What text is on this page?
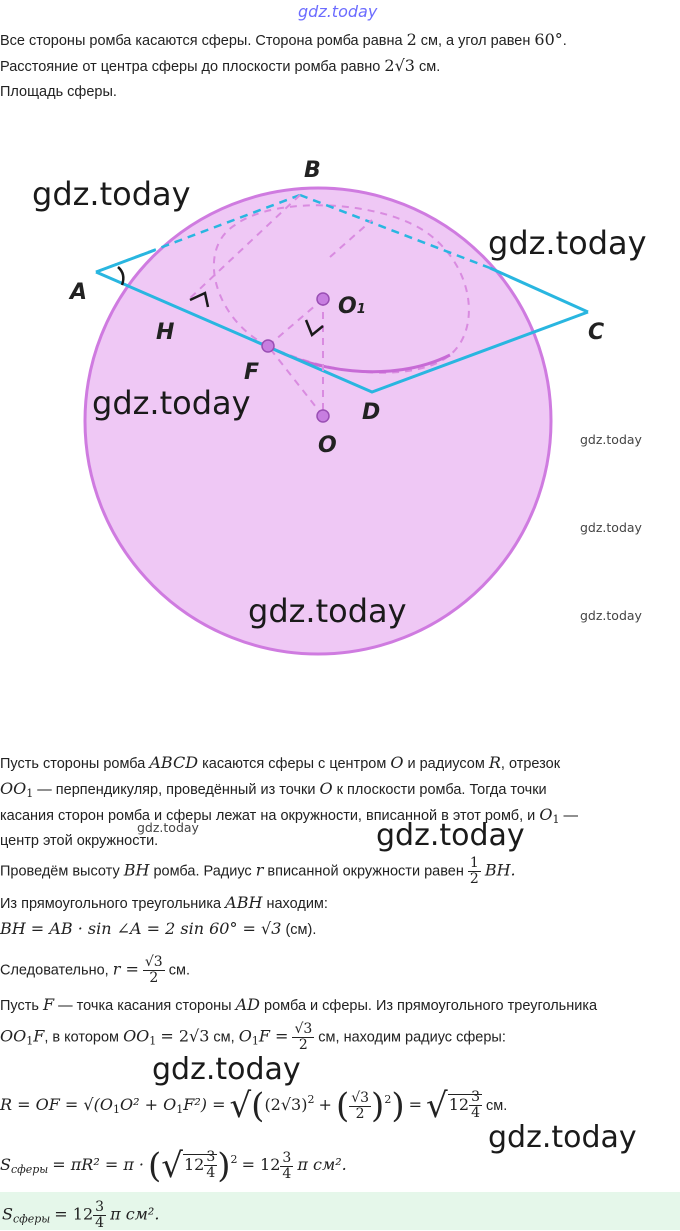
gdz.today
Все стороны ромба касаются сферы. Сторона ромба равна 2 см, а угол равен 60°.
Расстояние от центра сферы до плоскости ромба равно 2√3 см.
Площадь сферы.
A
B
C
D
H
F
O
O1
gdz.today
gdz.today
gdz.today
gdz.today
gdz.today
gdz.today
gdz.today
Пусть стороны ромба ABCD касаются сферы с центром O и радиусом R, отрезок
$OO_1$ — перпендикуляр, проведённый из точки O к плоскости ромба. Тогда точки
касания сторон ромба и сферы лежат на окружности, вписанной в этот ромб, и $O_1$ —
центр этой окружности.
gdz.today	gdz.today
Проведём высоту BH ромба. Радиус r вписанной окружности равен $\frac{1}{2}$ BH.
Из прямоугольного треугольника ABH находим:
BH = AB · sin ∠A = 2 sin 60° = √3 (см).
Следовательно, $r = \frac{√3}{2}$ см.
Пусть F — точка касания стороны AD ромба и сферы. Из прямоугольного треугольника
$OO_1F$, в котором $OO_1 = 2√3$ см, $O_1F = \frac{√3}{2}$ см, находим радиус сферы:
gdz.today
R = OF = $√(O_1O^2 + O_1F^2) = √((2√3)^2$ + ( $\frac{√3}{2} )^2) = √12 \frac{3}{4}$ см.
gdz.today
$S_{сферы} = \pi R^2 = \pi \cdot (√12 \frac{3}{4} )^2 = 12 \frac{3}{4}$ π см².
$S_{сферы} = 12 \frac{3}{4}$ π см².
